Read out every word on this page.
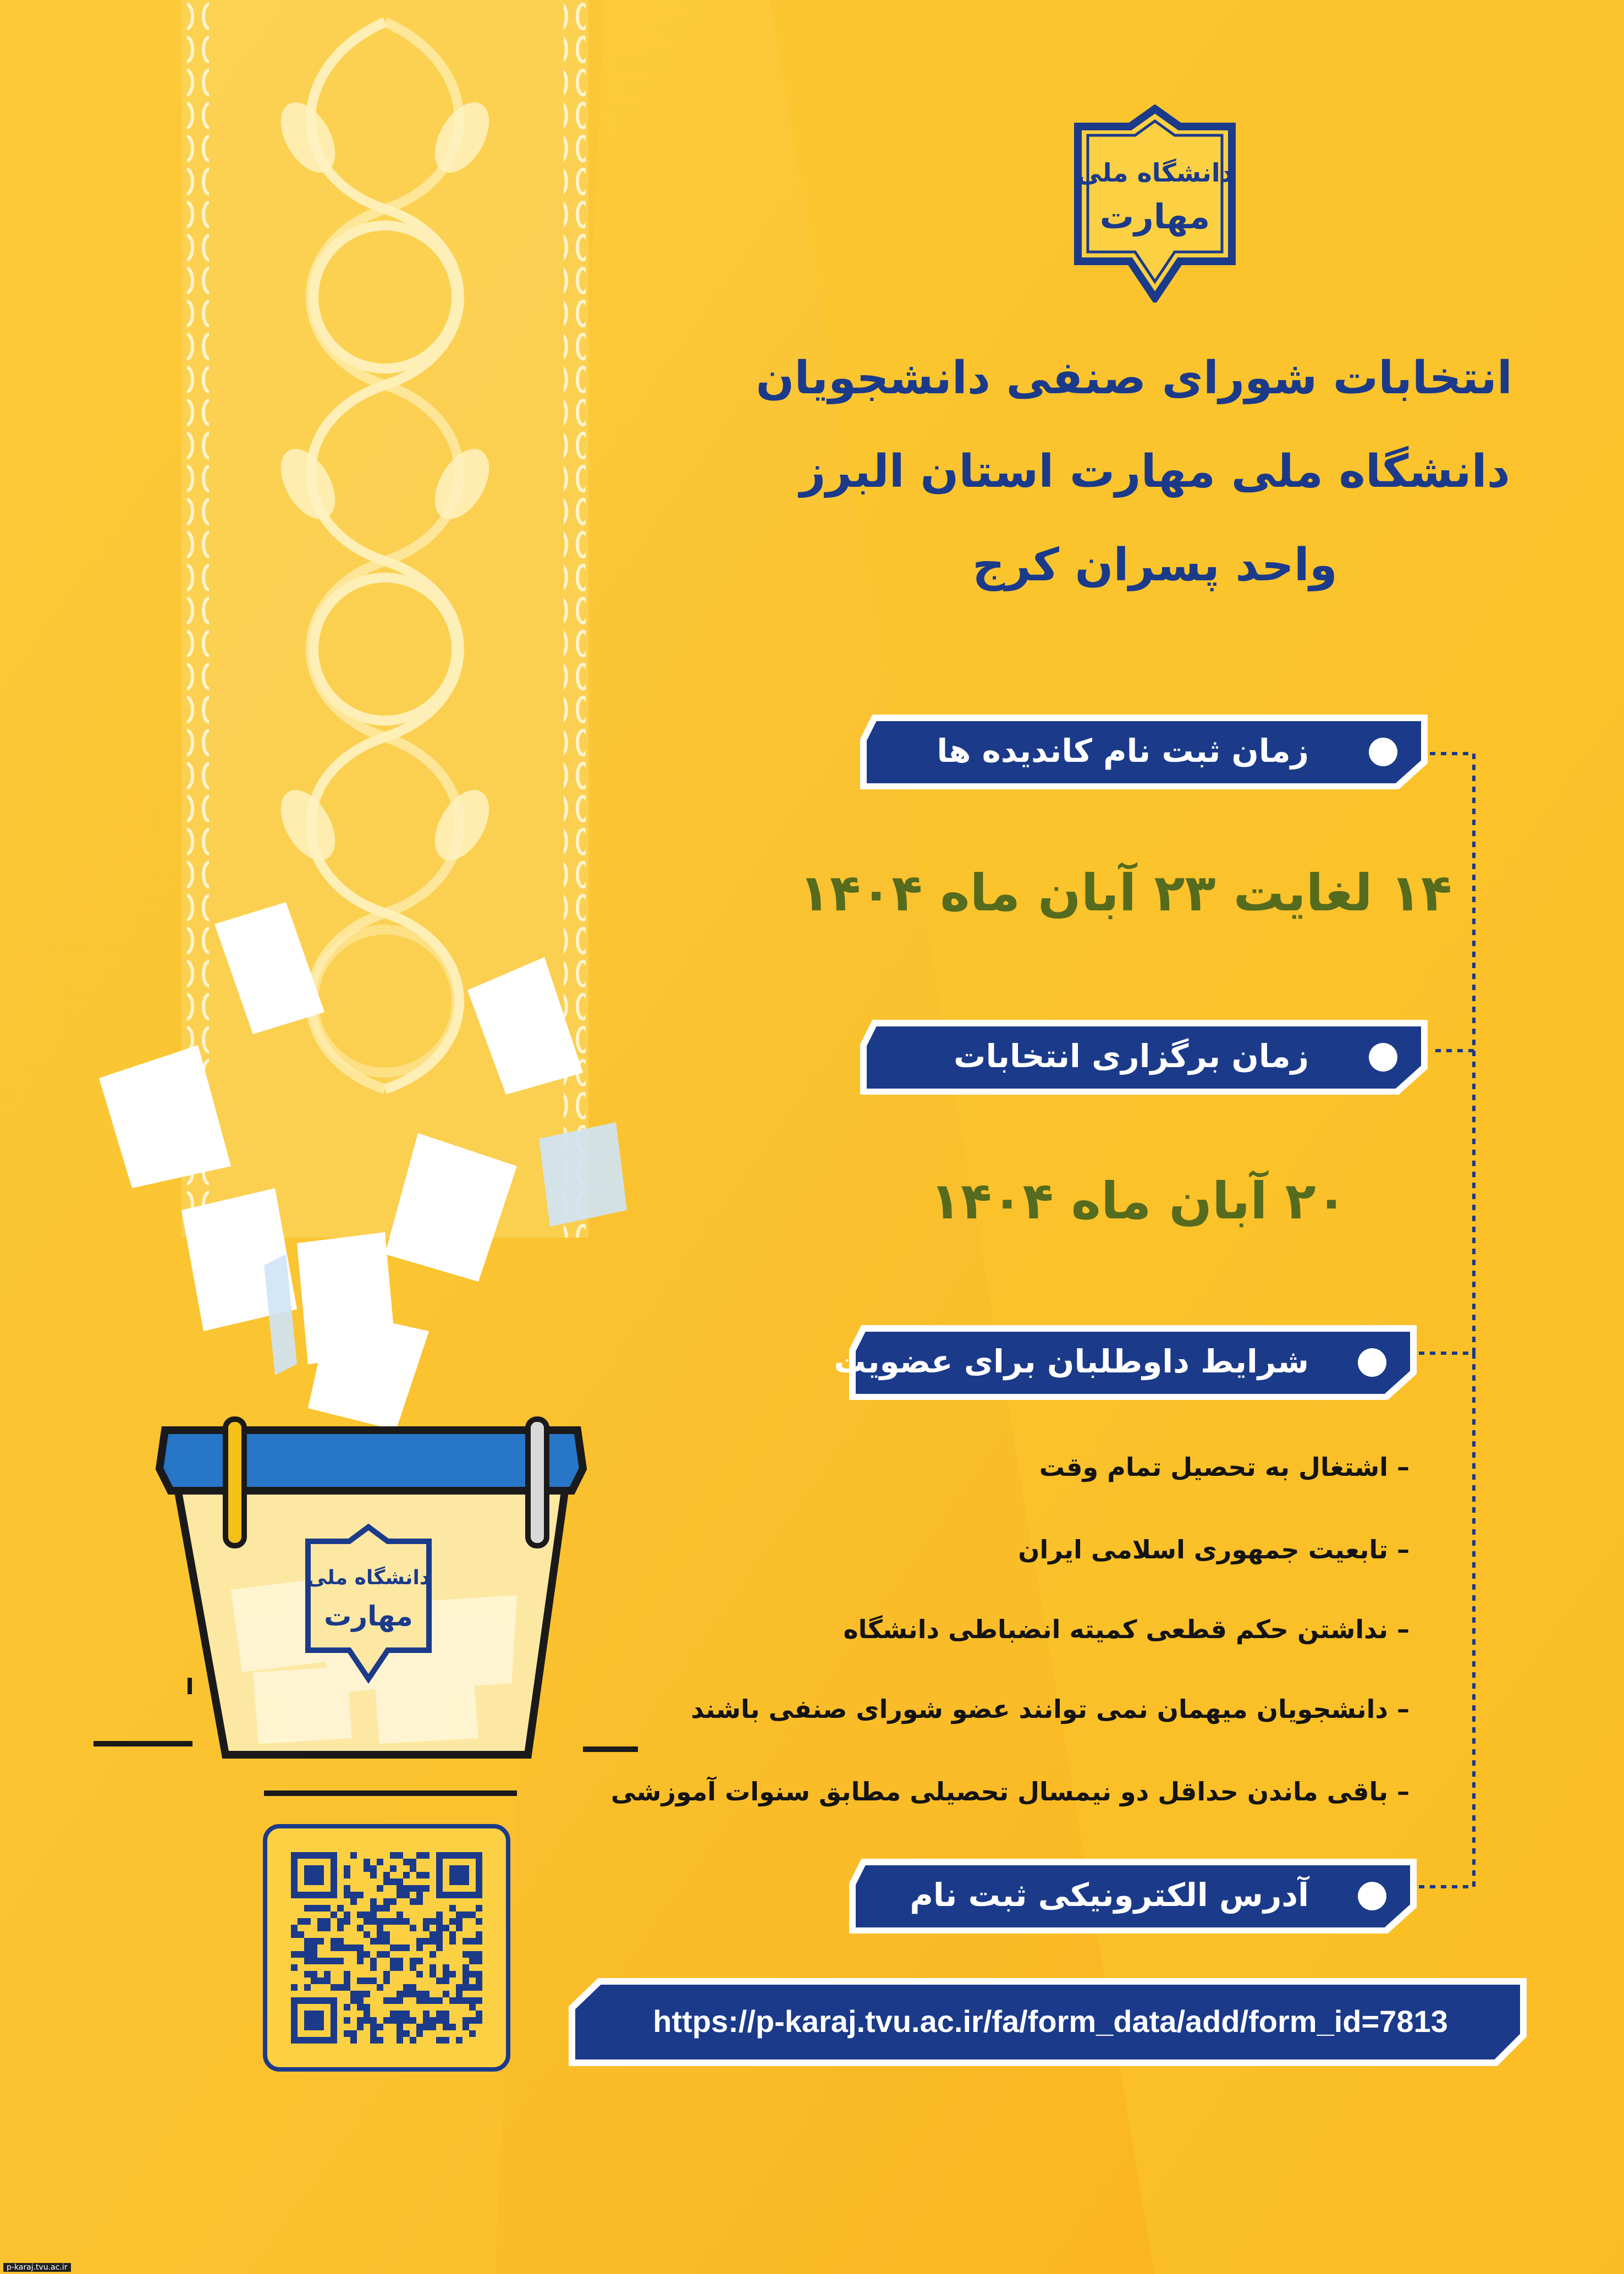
دانشگاه ملی
مهارت
انتخابات شورای صنفی دانشجویان
دانشگاه ملی مهارت استان البرز
واحد پسران کرج
زمان ثبت نام کاندیده ها
۱۴ لغایت ۲۳ آبان ماه ۱۴۰۴
زمان برگزاری انتخابات
۲۰ آبان ماه ۱۴۰۴
شرایط داوطلبان برای عضویت
– اشتغال به تحصیل تمام وقت
– تابعیت جمهوری اسلامی ایران
– نداشتن حکم قطعی کمیته انضباطی دانشگاه
– دانشجویان میهمان نمی توانند عضو شورای صنفی باشند
– باقی ماندن حداقل دو نیمسال تحصیلی مطابق سنوات آموزشی
آدرس الکترونیکی ثبت نام
https://p-karaj.tvu.ac.ir/fa/form_data/add/form_id=7813
دانشگاه ملی
مهارت
p-karaj.tvu.ac.ir
